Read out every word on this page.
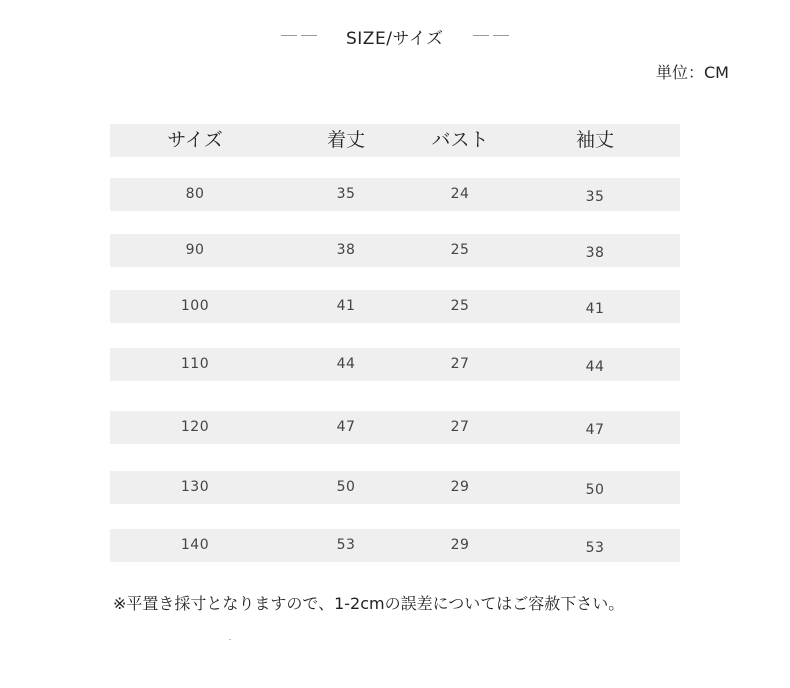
SIZE/サイズ
単位：CM
サイズ	着丈	バスト	袖丈
80	35	24	35
90	38	25	38
100	41	25	41
110	44	27	44
120	47	27	47
130	50	29	50
140	53	29	53
※平置き採寸となりますので、1-2cmの誤差についてはご容赦下さい。
